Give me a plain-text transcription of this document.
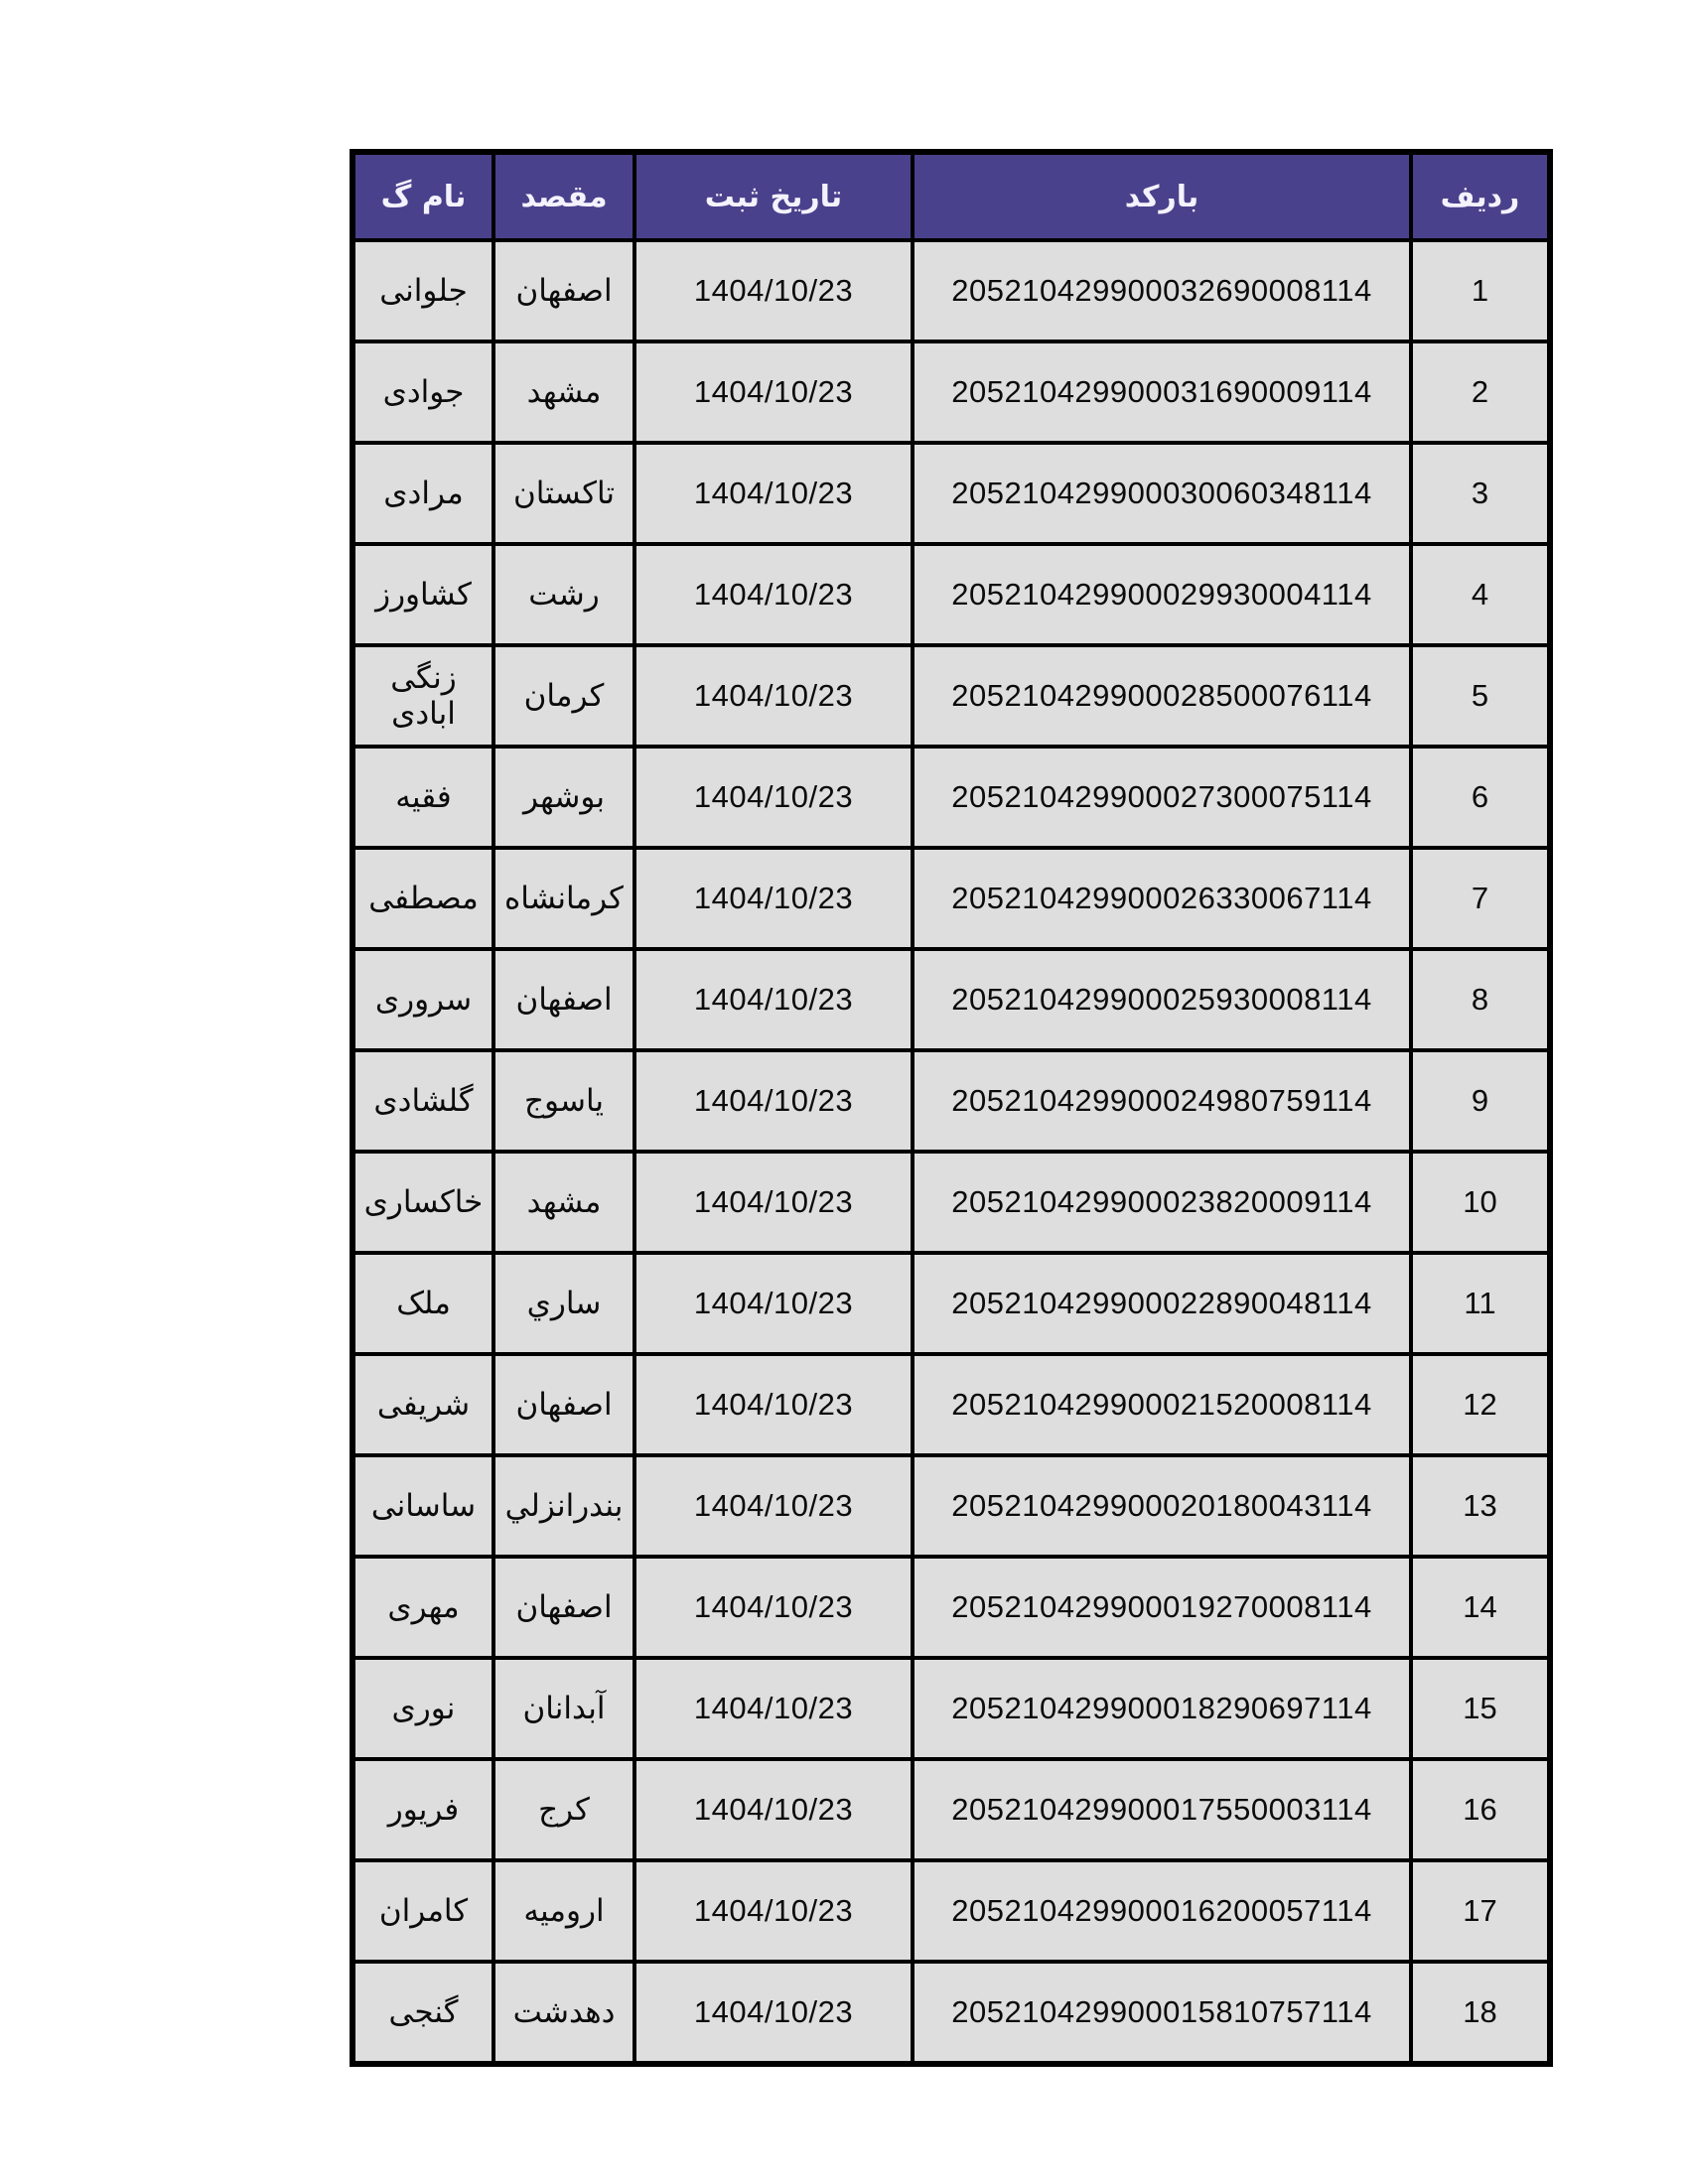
ردیف	بارکد	تاریخ ثبت	مقصد	نام گ
1	205210429900032690008114	1404/10/23	اصفهان	جلوانی
2	205210429900031690009114	1404/10/23	مشهد	جوادی
3	205210429900030060348114	1404/10/23	تاکستان	مرادی
4	205210429900029930004114	1404/10/23	رشت	کشاورز
5	205210429900028500076114	1404/10/23	کرمان	زنگی ابادی
6	205210429900027300075114	1404/10/23	بوشهر	فقیه
7	205210429900026330067114	1404/10/23	کرمانشاه	مصطفی
8	205210429900025930008114	1404/10/23	اصفهان	سروری
9	205210429900024980759114	1404/10/23	یاسوج	گلشادی
10	205210429900023820009114	1404/10/23	مشهد	خاکساری
11	205210429900022890048114	1404/10/23	ساري	ملک
12	205210429900021520008114	1404/10/23	اصفهان	شریفی
13	205210429900020180043114	1404/10/23	بندرانزلي	ساسانی
14	205210429900019270008114	1404/10/23	اصفهان	مهری
15	205210429900018290697114	1404/10/23	آبدانان	نوری
16	205210429900017550003114	1404/10/23	کرج	فریور
17	205210429900016200057114	1404/10/23	ارومیه	کامران
18	205210429900015810757114	1404/10/23	دهدشت	گنجی
